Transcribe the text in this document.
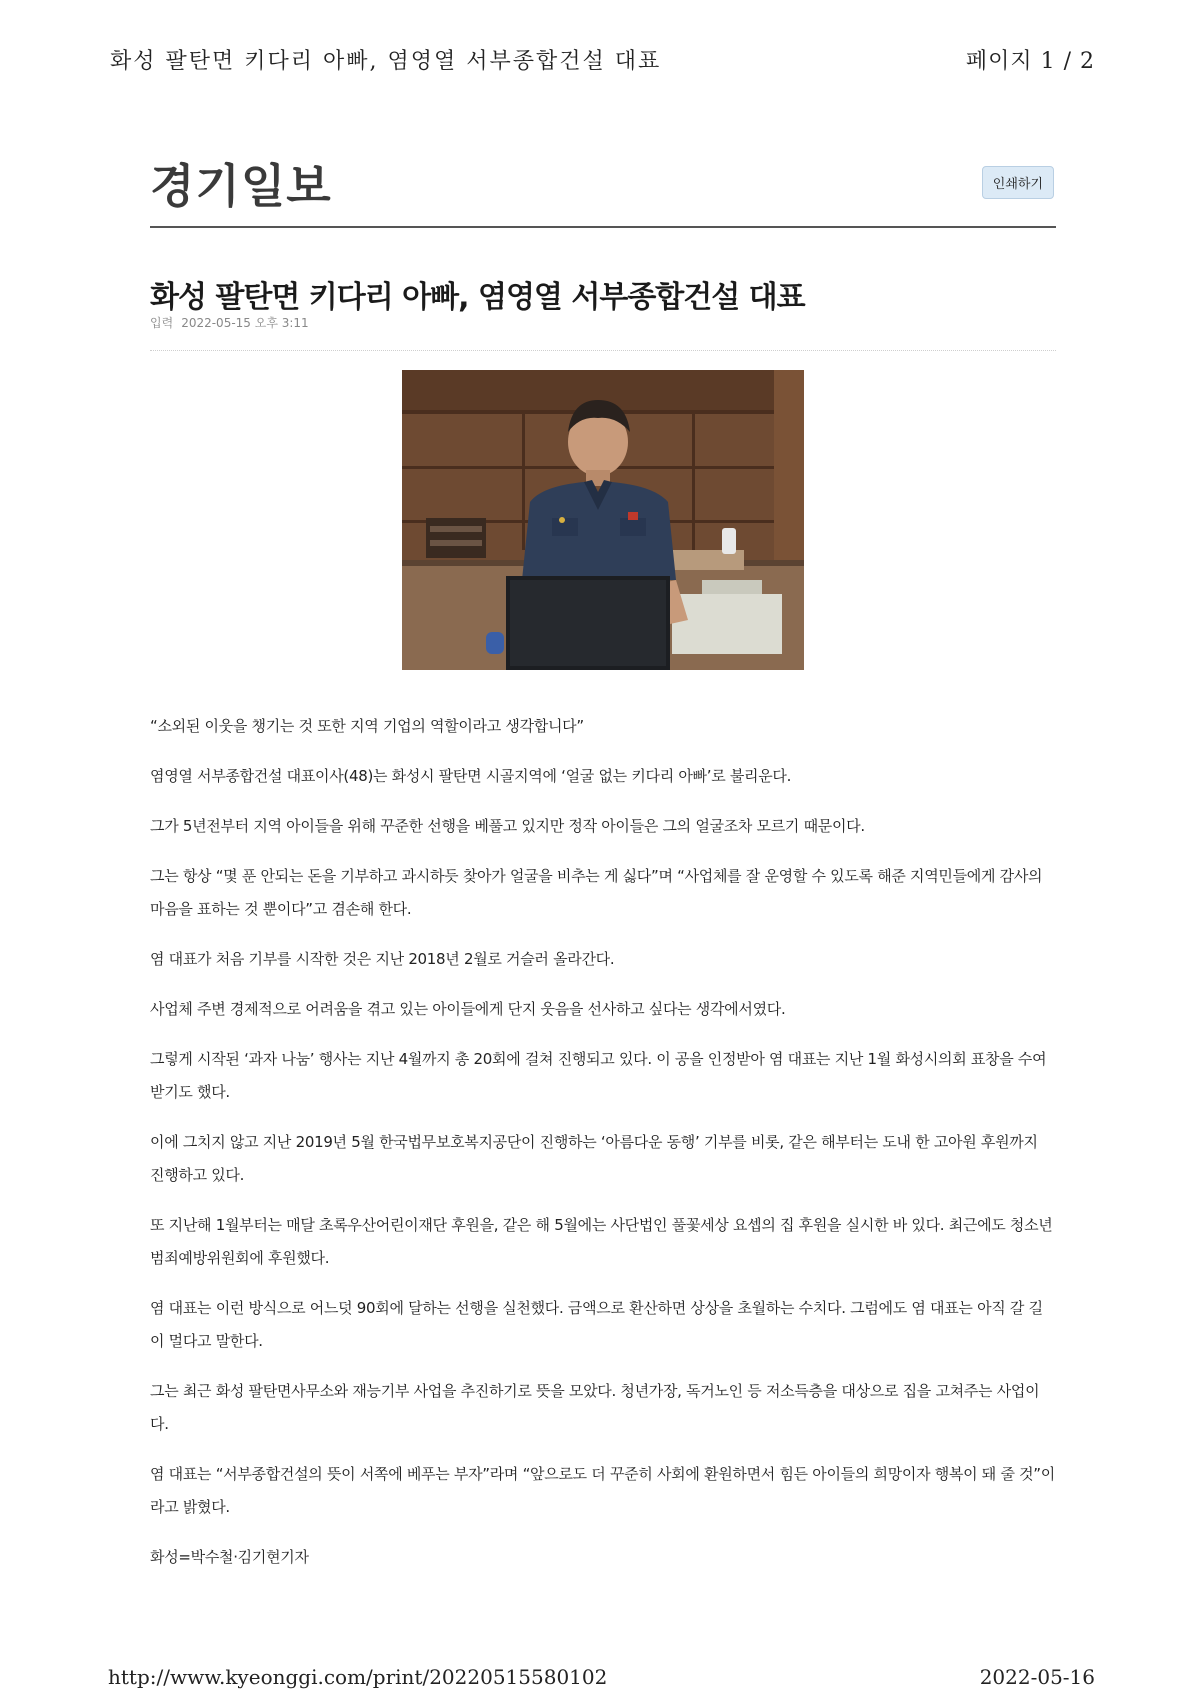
화성 팔탄면 키다리 아빠, 염영열 서부종합건설 대표	페이지 1 / 2
경기일보	인쇄하기
화성 팔탄면 키다리 아빠, 염영열 서부종합건설 대표
입력 2022-05-15 오후 3:11

“소외된 이웃을 챙기는 것 또한 지역 기업의 역할이라고 생각합니다”

염영열 서부종합건설 대표이사(48)는 화성시 팔탄면 시골지역에 ‘얼굴 없는 키다리 아빠’로 불리운다.

그가 5년전부터 지역 아이들을 위해 꾸준한 선행을 베풀고 있지만 정작 아이들은 그의 얼굴조차 모르기 때문이다.

그는 항상 “몇 푼 안되는 돈을 기부하고 과시하듯 찾아가 얼굴을 비추는 게 싫다”며 “사업체를 잘 운영할 수 있도록 해준 지역민들에게 감사의 마음을 표하는 것 뿐이다”고 겸손해 한다.

염 대표가 처음 기부를 시작한 것은 지난 2018년 2월로 거슬러 올라간다.

사업체 주변 경제적으로 어려움을 겪고 있는 아이들에게 단지 웃음을 선사하고 싶다는 생각에서였다.

그렇게 시작된 ‘과자 나눔’ 행사는 지난 4월까지 총 20회에 걸쳐 진행되고 있다. 이 공을 인정받아 염 대표는 지난 1월 화성시의회 표창을 수여받기도 했다.

이에 그치지 않고 지난 2019년 5월 한국법무보호복지공단이 진행하는 ‘아름다운 동행’ 기부를 비롯, 같은 해부터는 도내 한 고아원 후원까지 진행하고 있다.

또 지난해 1월부터는 매달 초록우산어린이재단 후원을, 같은 해 5월에는 사단법인 풀꽃세상 요셉의 집 후원을 실시한 바 있다. 최근에도 청소년범죄예방위원회에 후원했다.

염 대표는 이런 방식으로 어느덧 90회에 달하는 선행을 실천했다. 금액으로 환산하면 상상을 초월하는 수치다. 그럼에도 염 대표는 아직 갈 길이 멀다고 말한다.

그는 최근 화성 팔탄면사무소와 재능기부 사업을 추진하기로 뜻을 모았다. 청년가장, 독거노인 등 저소득층을 대상으로 집을 고쳐주는 사업이다.

염 대표는 “서부종합건설의 뜻이 서쪽에 베푸는 부자”라며 “앞으로도 더 꾸준히 사회에 환원하면서 힘든 아이들의 희망이자 행복이 돼 줄 것”이라고 밝혔다.

화성=박수철·김기현기자

http://www.kyeonggi.com/print/20220515580102	2022-05-16
